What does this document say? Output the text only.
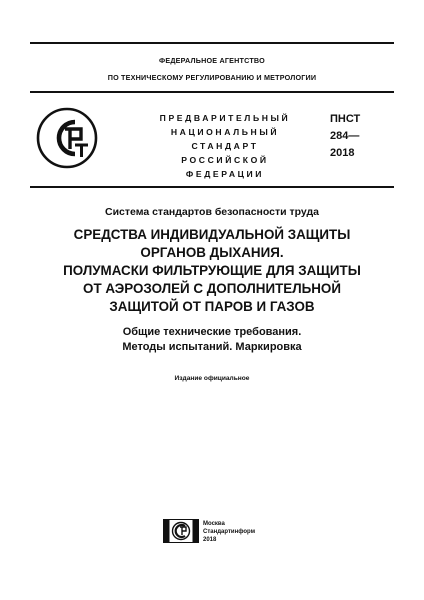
ФЕДЕРАЛЬНОЕ АГЕНТСТВО
ПО ТЕХНИЧЕСКОМУ РЕГУЛИРОВАНИЮ И МЕТРОЛОГИИ
ПРЕДВАРИТЕЛЬНЫЙ
НАЦИОНАЛЬНЫЙ
СТАНДАРТ
РОССИЙСКОЙ
ФЕДЕРАЦИИ
ПНСТ
284—
2018
Система стандартов безопасности труда
СРЕДСТВА ИНДИВИДУАЛЬНОЙ ЗАЩИТЫ
ОРГАНОВ ДЫХАНИЯ.
ПОЛУМАСКИ ФИЛЬТРУЮЩИЕ ДЛЯ ЗАЩИТЫ
ОТ АЭРОЗОЛЕЙ С ДОПОЛНИТЕЛЬНОЙ
ЗАЩИТОЙ ОТ ПАРОВ И ГАЗОВ
Общие технические требования.
Методы испытаний. Маркировка
Издание официальное
Москва
Стандартинформ
2018
